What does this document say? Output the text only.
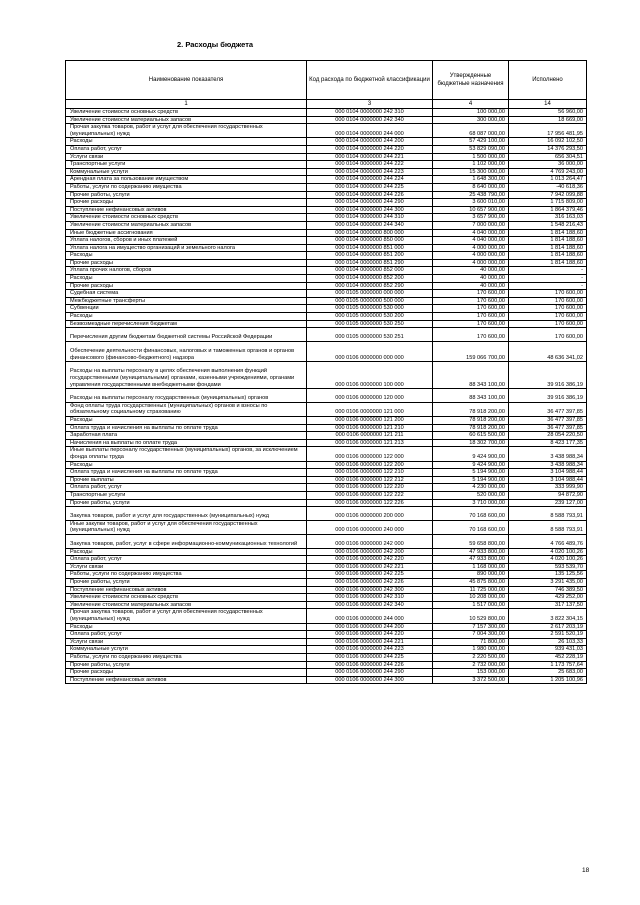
2. Расходы бюджета
Наименование показателя	Код расхода по бюджетной классификации	Утвержденные бюджетные назначения	Исполнено
1	3	4	14
Увеличение стоимости основных средств	000 0104 0000000 242 310	100 000,00	56 960,00
Увеличение стоимости материальных запасов	000 0104 0000000 242 340	300 000,00	18 669,00
Прочая закупка товаров, работ и услуг для обеспечения государственных (муниципальных) нужд	000 0104 0000000 244 000	68 087 000,00	17 956 481,95
Расходы	000 0104 0000000 244 200	57 429 100,00	16 092 102,50
Оплата работ, услуг	000 0104 0000000 244 220	53 829 090,00	14 376 293,50
Услуги связи	000 0104 0000000 244 221	1 500 000,00	656 304,51
Транспортные услуги	000 0104 0000000 244 222	1 102 000,00	36 000,00
Коммунальные услуги	000 0104 0000000 244 223	15 300 000,00	4 769 243,00
Арендная плата за пользование имуществом	000 0104 0000000 244 224	1 648 300,00	1 013 264,47
Работы, услуги по содержанию имущества	000 0104 0000000 244 225	8 640 000,00	-40 618,36
Прочие работы, услуги	000 0104 0000000 244 226	25 438 790,00	7 942 099,88
Прочие расходы	000 0104 0000000 244 290	3 600 010,00	1 715 809,00
Поступление нефинансовых активов	000 0104 0000000 244 300	10 657 900,00	1 864 379,46
Увеличение стоимости основных средств	000 0104 0000000 244 310	3 657 900,00	316 163,03
Увеличение стоимости материальных запасов	000 0104 0000000 244 340	7 000 000,00	1 548 216,43
Иные бюджетные ассигнования	000 0104 0000000 800 000	4 040 000,00	1 814 188,60
Уплата налогов, сборов и иных платежей	000 0104 0000000 850 000	4 040 000,00	1 814 188,60
Уплата налога на имущество организаций и земельного налога	000 0104 0000000 851 000	4 000 000,00	1 814 188,60
Расходы	000 0104 0000000 851 200	4 000 000,00	1 814 188,60
Прочие расходы	000 0104 0000000 851 290	4 000 000,00	1 814 188,60
Уплата прочих налогов, сборов	000 0104 0000000 852 000	40 000,00	-
Расходы	000 0104 0000000 852 200	40 000,00	-
Прочие расходы	000 0104 0000000 852 290	40 000,00	-
Судебная система	000 0105 0000000 000 000	170 600,00	170 600,00
Межбюджетные трансферты	000 0105 0000000 500 000	170 600,00	170 600,00
Субвенции	000 0105 0000000 530 000	170 600,00	170 600,00
Расходы	000 0105 0000000 530 200	170 600,00	170 600,00
Безвозмездные перечисления бюджетам	000 0105 0000000 530 250	170 600,00	170 600,00
Перечисления другим бюджетам бюджетной системы Российской Федерации	000 0105 0000000 530 251	170 600,00	170 600,00
Обеспечение деятельности финансовых, налоговых и таможенных органов и органов финансового (финансово-бюджетного) надзора	000 0106 0000000 000 000	159 066 700,00	48 636 341,02
Расходы на выплаты персоналу в целях обеспечения выполнения функций государственными (муниципальными) органами, казенными учреждениями, органами управления государственными внебюджетными фондами	000 0106 0000000 100 000	88 343 100,00	39 916 386,19
Расходы на выплаты персоналу государственных (муниципальных) органов	000 0106 0000000 120 000	88 343 100,00	39 916 386,19
Фонд оплаты труда государственных (муниципальных) органов и взносы по обязательному социальному страхованию	000 0106 0000000 121 000	78 918 200,00	36 477 397,85
Расходы	000 0106 0000000 121 200	78 918 200,00	36 477 397,85
Оплата труда и начисления на выплаты по оплате труда	000 0106 0000000 121 210	78 918 200,00	36 477 397,85
Заработная плата	000 0106 0000000 121 211	60 615 500,00	28 054 220,50
Начисления на выплаты по оплате труда	000 0106 0000000 121 213	18 302 700,00	8 423 177,35
Иные выплаты персоналу государственных (муниципальных) органов, за исключением фонда оплаты труда	000 0106 0000000 122 000	9 424 900,00	3 438 988,34
Расходы	000 0106 0000000 122 200	9 424 900,00	3 438 988,34
Оплата труда и начисления на выплаты по оплате труда	000 0106 0000000 122 210	5 194 900,00	3 104 988,44
Прочие выплаты	000 0106 0000000 122 212	5 194 900,00	3 104 988,44
Оплата работ, услуг	000 0106 0000000 122 220	4 230 000,00	333 999,90
Транспортные услуги	000 0106 0000000 122 222	520 000,00	94 872,90
Прочие работы, услуги	000 0106 0000000 122 226	3 710 000,00	239 127,00
Закупка товаров, работ и услуг для государственных (муниципальных) нужд	000 0106 0000000 200 000	70 168 600,00	8 588 793,91
Иные закупки товаров, работ и услуг для обеспечения государственных (муниципальных) нужд	000 0106 0000000 240 000	70 168 600,00	8 588 793,91
Закупка товаров, работ, услуг в сфере информационно-коммуникационных технологий	000 0106 0000000 242 000	59 658 800,00	4 766 489,76
Расходы	000 0106 0000000 242 200	47 933 800,00	4 020 100,26
Оплата работ, услуг	000 0106 0000000 242 220	47 933 800,00	4 020 100,26
Услуги связи	000 0106 0000000 242 221	1 168 000,00	593 539,70
Работы, услуги по содержанию имущества	000 0106 0000000 242 225	890 000,00	135 125,56
Прочие работы, услуги	000 0106 0000000 242 226	45 875 800,00	3 291 435,00
Поступление нефинансовых активов	000 0106 0000000 242 300	11 725 000,00	746 389,50
Увеличение стоимости основных средств	000 0106 0000000 242 310	10 208 000,00	429 252,00
Увеличение стоимости материальных запасов	000 0106 0000000 242 340	1 517 000,00	317 137,50
Прочая закупка товаров, работ и услуг для обеспечения государственных (муниципальных) нужд	000 0106 0000000 244 000	10 529 800,00	3 822 304,15
Расходы	000 0106 0000000 244 200	7 157 300,00	2 617 203,19
Оплата работ, услуг	000 0106 0000000 244 220	7 004 300,00	2 591 520,19
Услуги связи	000 0106 0000000 244 221	71 800,00	26 103,33
Коммунальные услуги	000 0106 0000000 244 223	1 980 000,00	939 431,03
Работы, услуги по содержанию имущества	000 0106 0000000 244 225	2 220 500,00	452 228,19
Прочие работы, услуги	000 0106 0000000 244 226	2 732 000,00	1 173 757,64
Прочие расходы	000 0106 0000000 244 290	153 000,00	25 683,00
Поступление нефинансовых активов	000 0106 0000000 244 300	3 372 500,00	1 205 100,96
18
